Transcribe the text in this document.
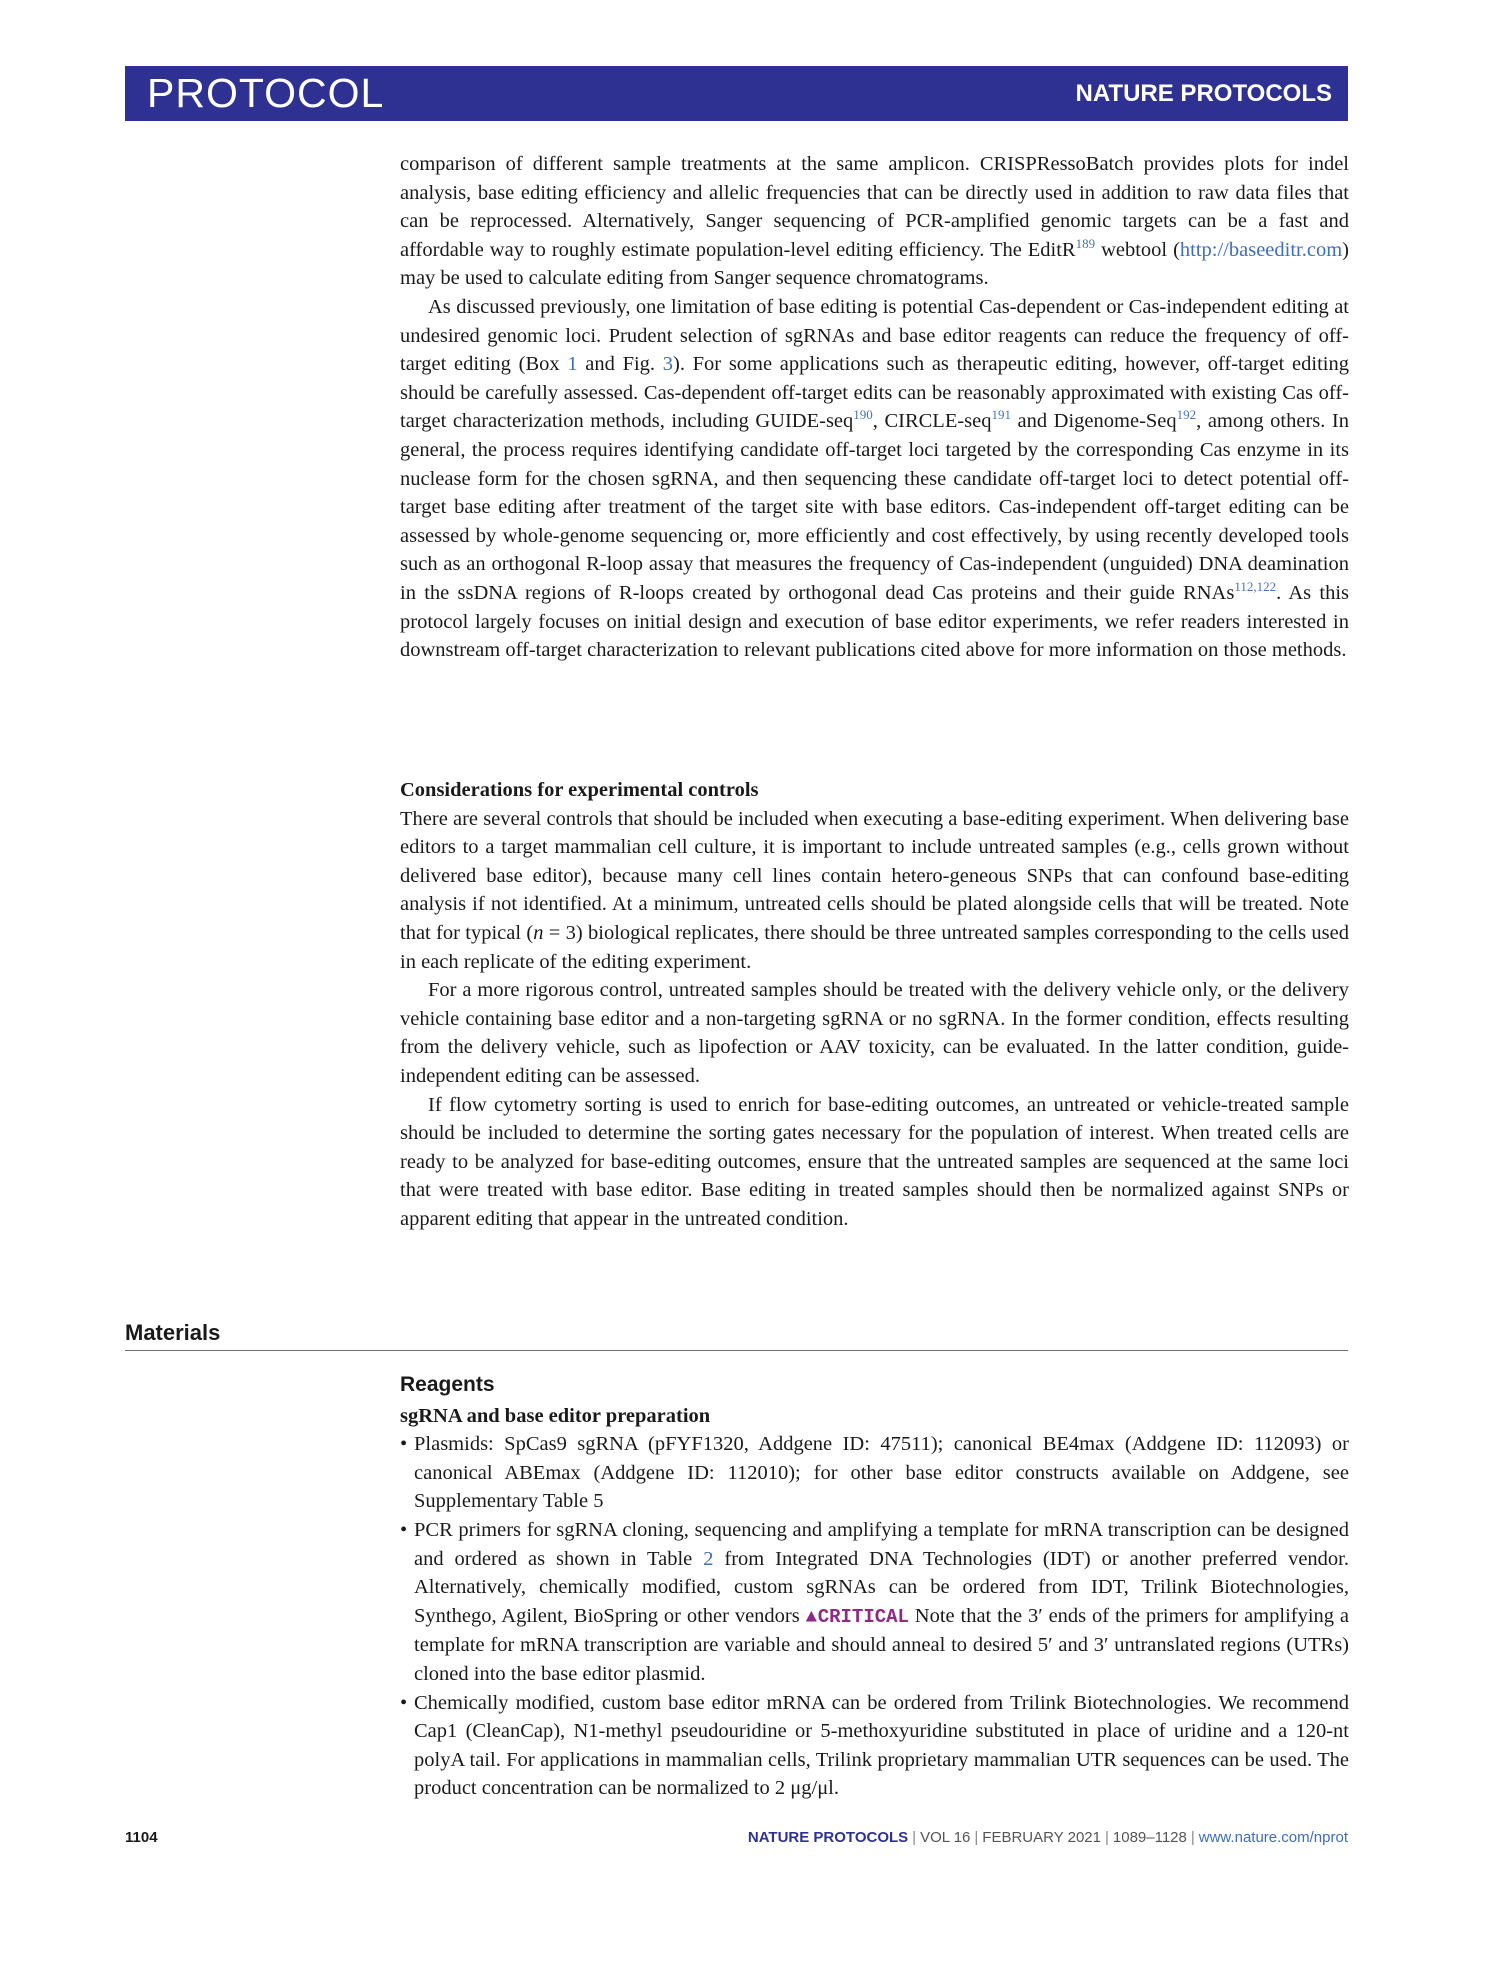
PROTOCOL	NATURE PROTOCOLS

comparison of different sample treatments at the same amplicon. CRISPRessoBatch provides plots for indel analysis, base editing efficiency and allelic frequencies that can be directly used in addition to raw data files that can be reprocessed. Alternatively, Sanger sequencing of PCR-amplified genomic targets can be a fast and affordable way to roughly estimate population-level editing efficiency. The EditR$^{189}$ webtool (http://baseeditr.com) may be used to calculate editing from Sanger sequence chromatograms.

As discussed previously, one limitation of base editing is potential Cas-dependent or Cas-independent editing at undesired genomic loci. Prudent selection of sgRNAs and base editor reagents can reduce the frequency of off-target editing (Box 1 and Fig. 3). For some applications such as therapeutic editing, however, off-target editing should be carefully assessed. Cas-dependent off-target edits can be reasonably approximated with existing Cas off-target characterization methods, including GUIDE-seq$^{190}$, CIRCLE-seq$^{191}$ and Digenome-Seq$^{192}$, among others. In general, the process requires identifying candidate off-target loci targeted by the corresponding Cas enzyme in its nuclease form for the chosen sgRNA, and then sequencing these candidate off-target loci to detect potential off-target base editing after treatment of the target site with base editors. Cas-independent off-target editing can be assessed by whole-genome sequencing or, more efficiently and cost effectively, by using recently developed tools such as an orthogonal R-loop assay that measures the frequency of Cas-independent (unguided) DNA deamination in the ssDNA regions of R-loops created by orthogonal dead Cas proteins and their guide RNAs$^{112,122}$. As this protocol largely focuses on initial design and execution of base editor experiments, we refer readers interested in downstream off-target characterization to relevant publications cited above for more information on those methods.

Considerations for experimental controls

There are several controls that should be included when executing a base-editing experiment. When delivering base editors to a target mammalian cell culture, it is important to include untreated samples (e.g., cells grown without delivered base editor), because many cell lines contain hetero-geneous SNPs that can confound base-editing analysis if not identified. At a minimum, untreated cells should be plated alongside cells that will be treated. Note that for typical (n = 3) biological replicates, there should be three untreated samples corresponding to the cells used in each replicate of the editing experiment.

For a more rigorous control, untreated samples should be treated with the delivery vehicle only, or the delivery vehicle containing base editor and a non-targeting sgRNA or no sgRNA. In the former condition, effects resulting from the delivery vehicle, such as lipofection or AAV toxicity, can be evaluated. In the latter condition, guide-independent editing can be assessed.

If flow cytometry sorting is used to enrich for base-editing outcomes, an untreated or vehicle-treated sample should be included to determine the sorting gates necessary for the population of interest. When treated cells are ready to be analyzed for base-editing outcomes, ensure that the untreated samples are sequenced at the same loci that were treated with base editor. Base editing in treated samples should then be normalized against SNPs or apparent editing that appear in the untreated condition.

Materials
Reagents

sgRNA and base editor preparation

• Plasmids: SpCas9 sgRNA (pFYF1320, Addgene ID: 47511); canonical BE4max (Addgene ID: 112093) or canonical ABEmax (Addgene ID: 112010); for other base editor constructs available on Addgene, see Supplementary Table 5
• PCR primers for sgRNA cloning, sequencing and amplifying a template for mRNA transcription can be designed and ordered as shown in Table 2 from Integrated DNA Technologies (IDT) or another preferred vendor. Alternatively, chemically modified, custom sgRNAs can be ordered from IDT, Trilink Biotechnologies, Synthego, Agilent, BioSpring or other vendors ▲CRITICAL Note that the 3′ ends of the primers for amplifying a template for mRNA transcription are variable and should anneal to desired 5′ and 3′ untranslated regions (UTRs) cloned into the base editor plasmid.
• Chemically modified, custom base editor mRNA can be ordered from Trilink Biotechnologies. We recommend Cap1 (CleanCap), N1-methyl pseudouridine or 5-methoxyuridine substituted in place of uridine and a 120-nt polyA tail. For applications in mammalian cells, Trilink proprietary mammalian UTR sequences can be used. The product concentration can be normalized to 2 μg/μl.
1104	NATURE PROTOCOLS | VOL 16 | FEBRUARY 2021 | 1089–1128 | www.nature.com/nprot
